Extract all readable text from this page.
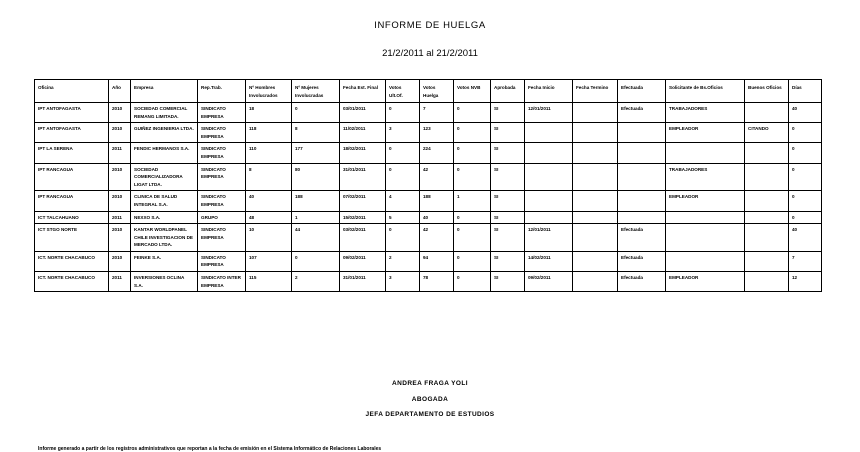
INFORME DE HUELGA
21/2/2011 al 21/2/2011
Oficina	Año	Empresa	Rep.Trab.	Nº Hombres Involucrados	Nº Mujeres Involucradas	Fecha Est. Final	Votos Ult.Of.	Votos Huelga	Votos NVB	Aprobada	Fecha Inicio	Fecha Termino	Efectuada	Solicitante de Bs.Oficios	Buenos Oficios	Días
IPT ANTOFAGASTA	2010	SOCIEDAD COMERCIAL REMANG LIMITADA.	SINDICATO EMPRESA	18	0	03/01/2011	0	7	0	SI	12/01/2011		Efectuada	TRABAJADORES		40
IPT ANTOFAGASTA	2010	GUIÑEZ INGENIERIA LTDA.	SINDICATO EMPRESA	118	8	11/02/2011	3	123	0	SI				EMPLEADOR	CITANDO	0
IPT LA SERENA	2011	FENDIC HERMANOS S.A.	SINDICATO EMPRESA	110	177	18/02/2011	0	224	0	SI						0
IPT RANCAGUA	2010	SOCIEDAD COMERCIALIZADORA LIGAT LTDA.	SINDICATO EMPRESA	8	80	31/01/2011	0	42	0	SI				TRABAJADORES		0
IPT RANCAGUA	2010	CLINICA DE SALUD INTEGRAL S.A.	SINDICATO EMPRESA	40	188	07/02/2011	4	188	1	SI				EMPLEADOR		0
ICT TALCAHUANO	2011	NEXXO S.A.	GRUPO	48	1	15/02/2011	5	40	0	SI						0
ICT STGO NORTE	2010	KANTAR WORLDPANEL CHILE INVESTIGACION DE MERCADO LTDA.	SINDICATO EMPRESA	10	44	03/02/2011	0	42	0	SI	12/01/2011		Efectuada			40
ICT. NORTE CHACABUCO	2010	FEINKE S.A.	SINDICATO EMPRESA	107	0	09/02/2011	2	94	0	SI	14/02/2011		Efectuada			7
ICT. NORTE CHACABUCO	2011	INVERSIONES OCLINA S.A.	SINDICATO INTER EMPRESA	115	2	31/01/2011	3	78	0	SI	09/02/2011		Efectuada	EMPLEADOR		12
ANDREA FRAGA YOLI
ABOGADA
JEFA DEPARTAMENTO DE ESTUDIOS
Informe generado a partir de los registros administrativos que reportan a la fecha de emisión en el Sistema Informático de Relaciones Laborales
